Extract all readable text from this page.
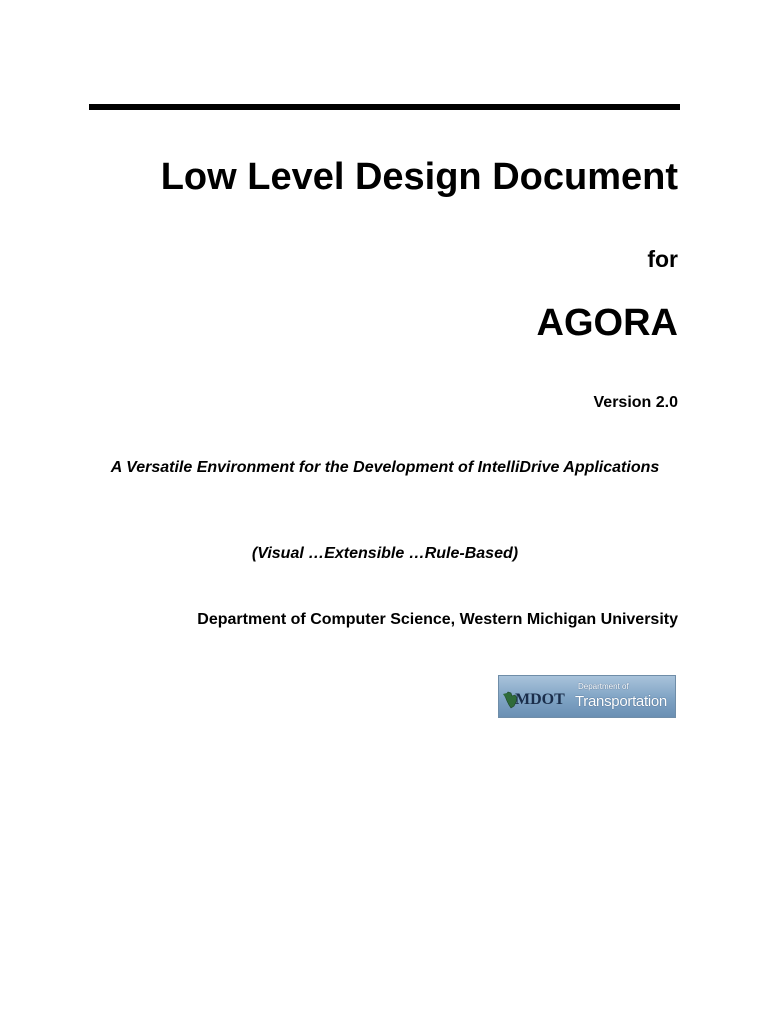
Low Level Design Document
for
AGORA
Version 2.0
A Versatile Environment for the Development of IntelliDrive Applications
(Visual …Extensible …Rule-Based)
Department of Computer Science, Western Michigan University
MDOT
Department of
Transportation
